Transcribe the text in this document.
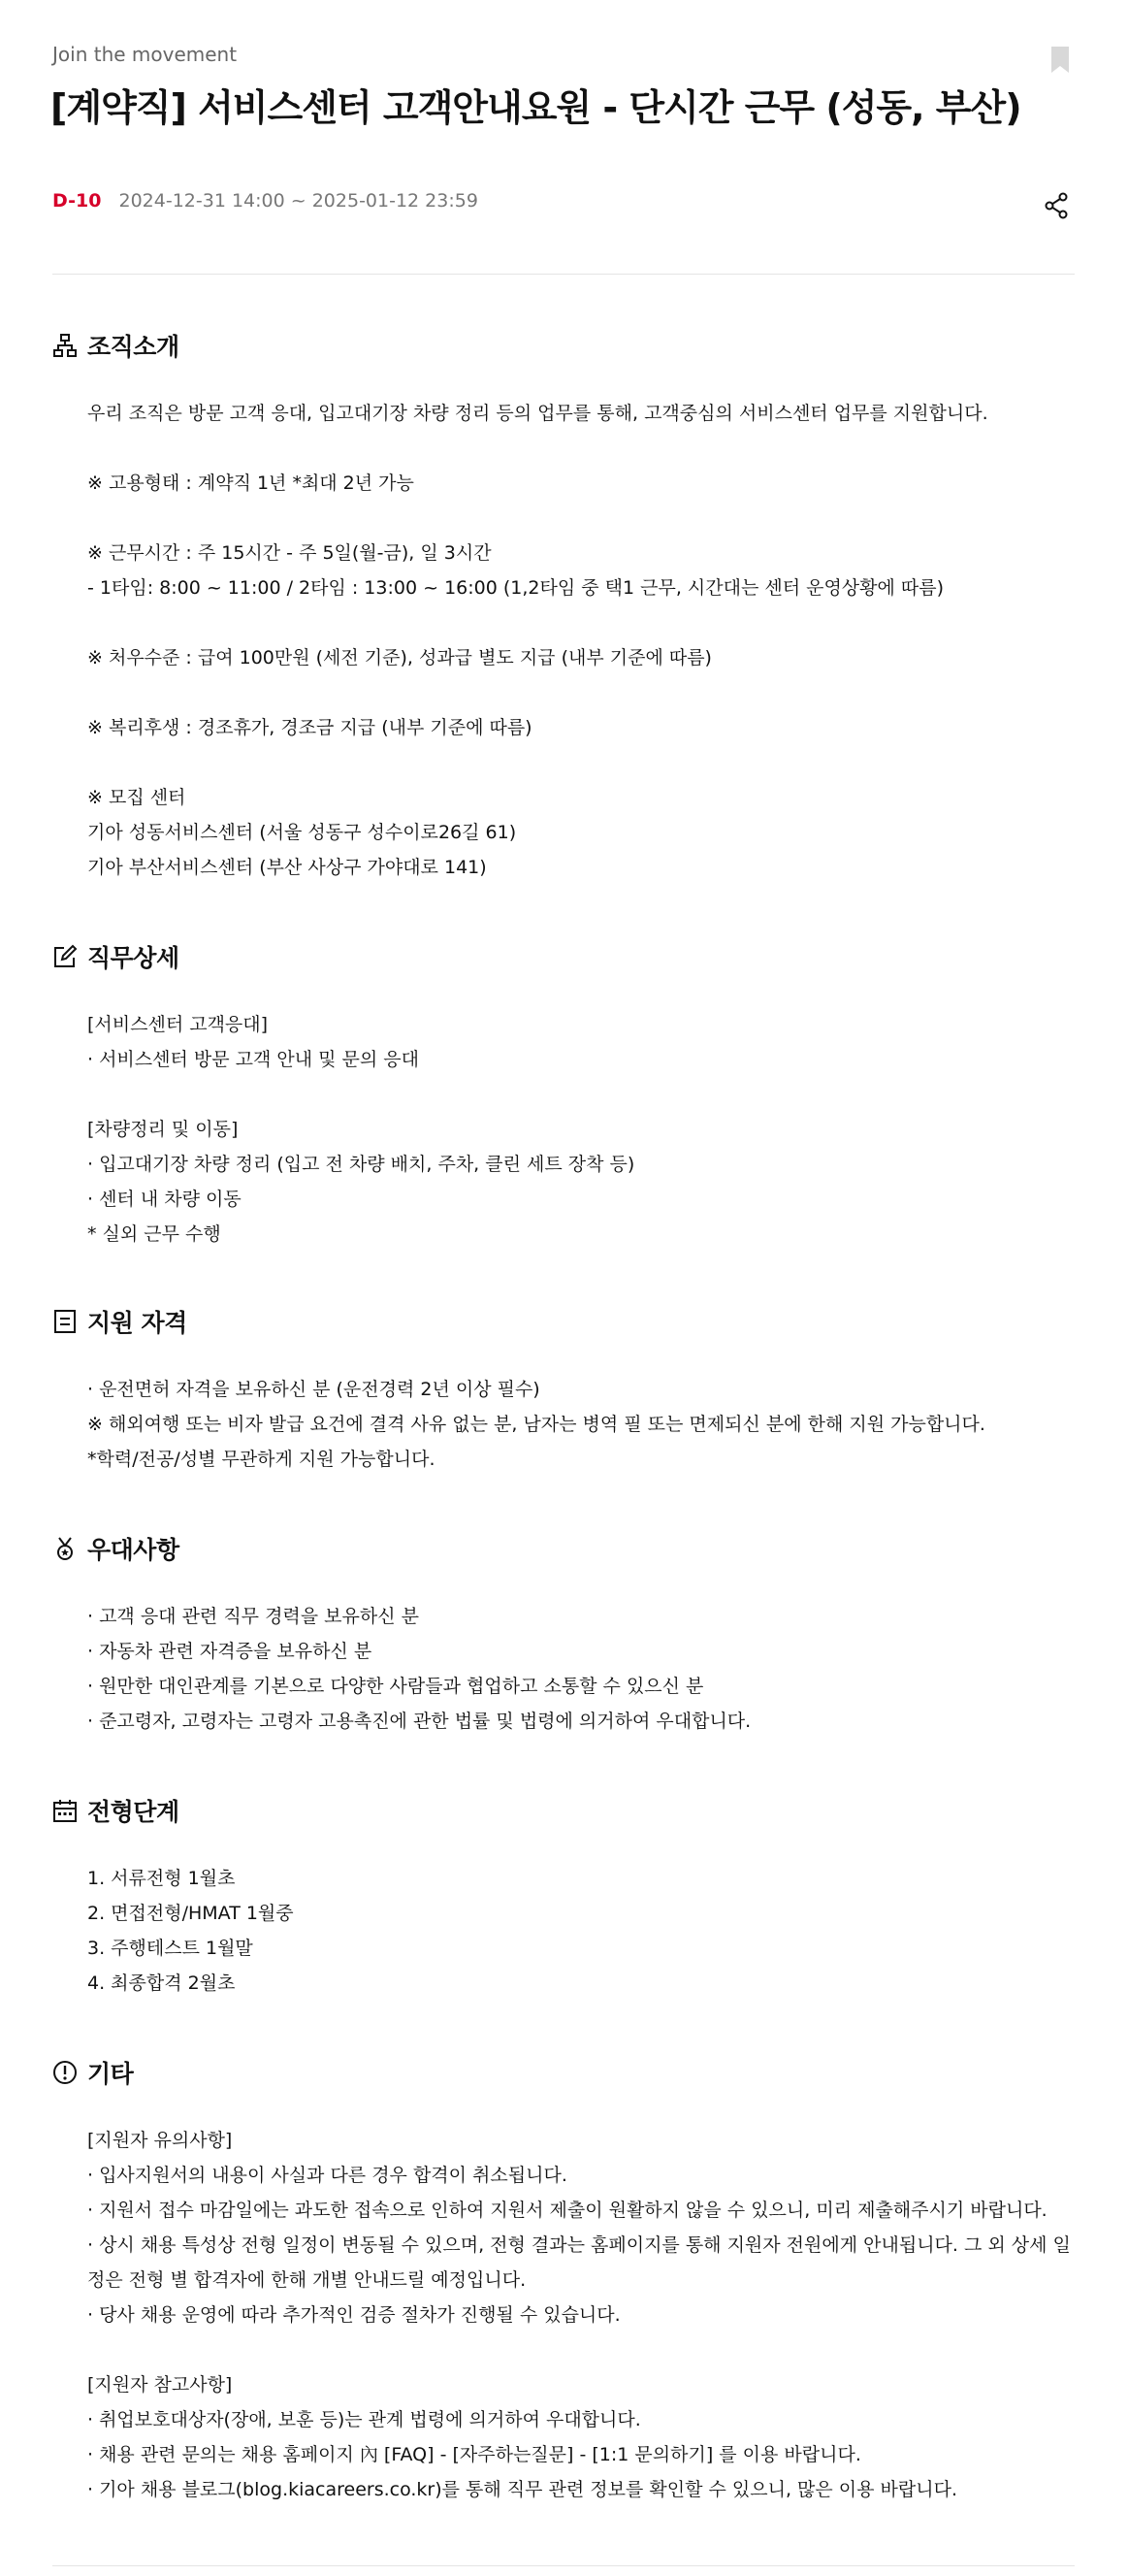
Join the movement
[계약직] 서비스센터 고객안내요원 - 단시간 근무 (성동, 부산)
D-10 2024-12-31 14:00 ~ 2025-01-12 23:59
조직소개
우리 조직은 방문 고객 응대, 입고대기장 차량 정리 등의 업무를 통해, 고객중심의 서비스센터 업무를 지원합니다.
※ 고용형태 : 계약직 1년 *최대 2년 가능
※ 근무시간 : 주 15시간 - 주 5일(월-금), 일 3시간
- 1타임: 8:00 ~ 11:00 / 2타임 : 13:00 ~ 16:00 (1,2타임 중 택1 근무, 시간대는 센터 운영상황에 따름)
※ 처우수준 : 급여 100만원 (세전 기준), 성과급 별도 지급 (내부 기준에 따름)
※ 복리후생 : 경조휴가, 경조금 지급 (내부 기준에 따름)
※ 모집 센터
기아 성동서비스센터 (서울 성동구 성수이로26길 61)
기아 부산서비스센터 (부산 사상구 가야대로 141)
직무상세
[서비스센터 고객응대]
· 서비스센터 방문 고객 안내 및 문의 응대
[차량정리 및 이동]
· 입고대기장 차량 정리 (입고 전 차량 배치, 주차, 클린 세트 장착 등)
· 센터 내 차량 이동
* 실외 근무 수행
지원 자격
· 운전면허 자격을 보유하신 분 (운전경력 2년 이상 필수)
※ 해외여행 또는 비자 발급 요건에 결격 사유 없는 분, 남자는 병역 필 또는 면제되신 분에 한해 지원 가능합니다.
*학력/전공/성별 무관하게 지원 가능합니다.
우대사항
· 고객 응대 관련 직무 경력을 보유하신 분
· 자동차 관련 자격증을 보유하신 분
· 원만한 대인관계를 기본으로 다양한 사람들과 협업하고 소통할 수 있으신 분
· 준고령자, 고령자는 고령자 고용촉진에 관한 법률 및 법령에 의거하여 우대합니다.
전형단계
1. 서류전형 1월초
2. 면접전형/HMAT 1월중
3. 주행테스트 1월말
4. 최종합격 2월초
기타
[지원자 유의사항]
· 입사지원서의 내용이 사실과 다른 경우 합격이 취소됩니다.
· 지원서 접수 마감일에는 과도한 접속으로 인하여 지원서 제출이 원활하지 않을 수 있으니, 미리 제출해주시기 바랍니다.
· 상시 채용 특성상 전형 일정이 변동될 수 있으며, 전형 결과는 홈페이지를 통해 지원자 전원에게 안내됩니다. 그 외 상세 일정은 전형 별 합격자에 한해 개별 안내드릴 예정입니다.
· 당사 채용 운영에 따라 추가적인 검증 절차가 진행될 수 있습니다.
[지원자 참고사항]
· 취업보호대상자(장애, 보훈 등)는 관계 법령에 의거하여 우대합니다.
· 채용 관련 문의는 채용 홈페이지 內 [FAQ] - [자주하는질문] - [1:1 문의하기] 를 이용 바랍니다.
· 기아 채용 블로그(blog.kiacareers.co.kr)를 통해 직무 관련 정보를 확인할 수 있으니, 많은 이용 바랍니다.
